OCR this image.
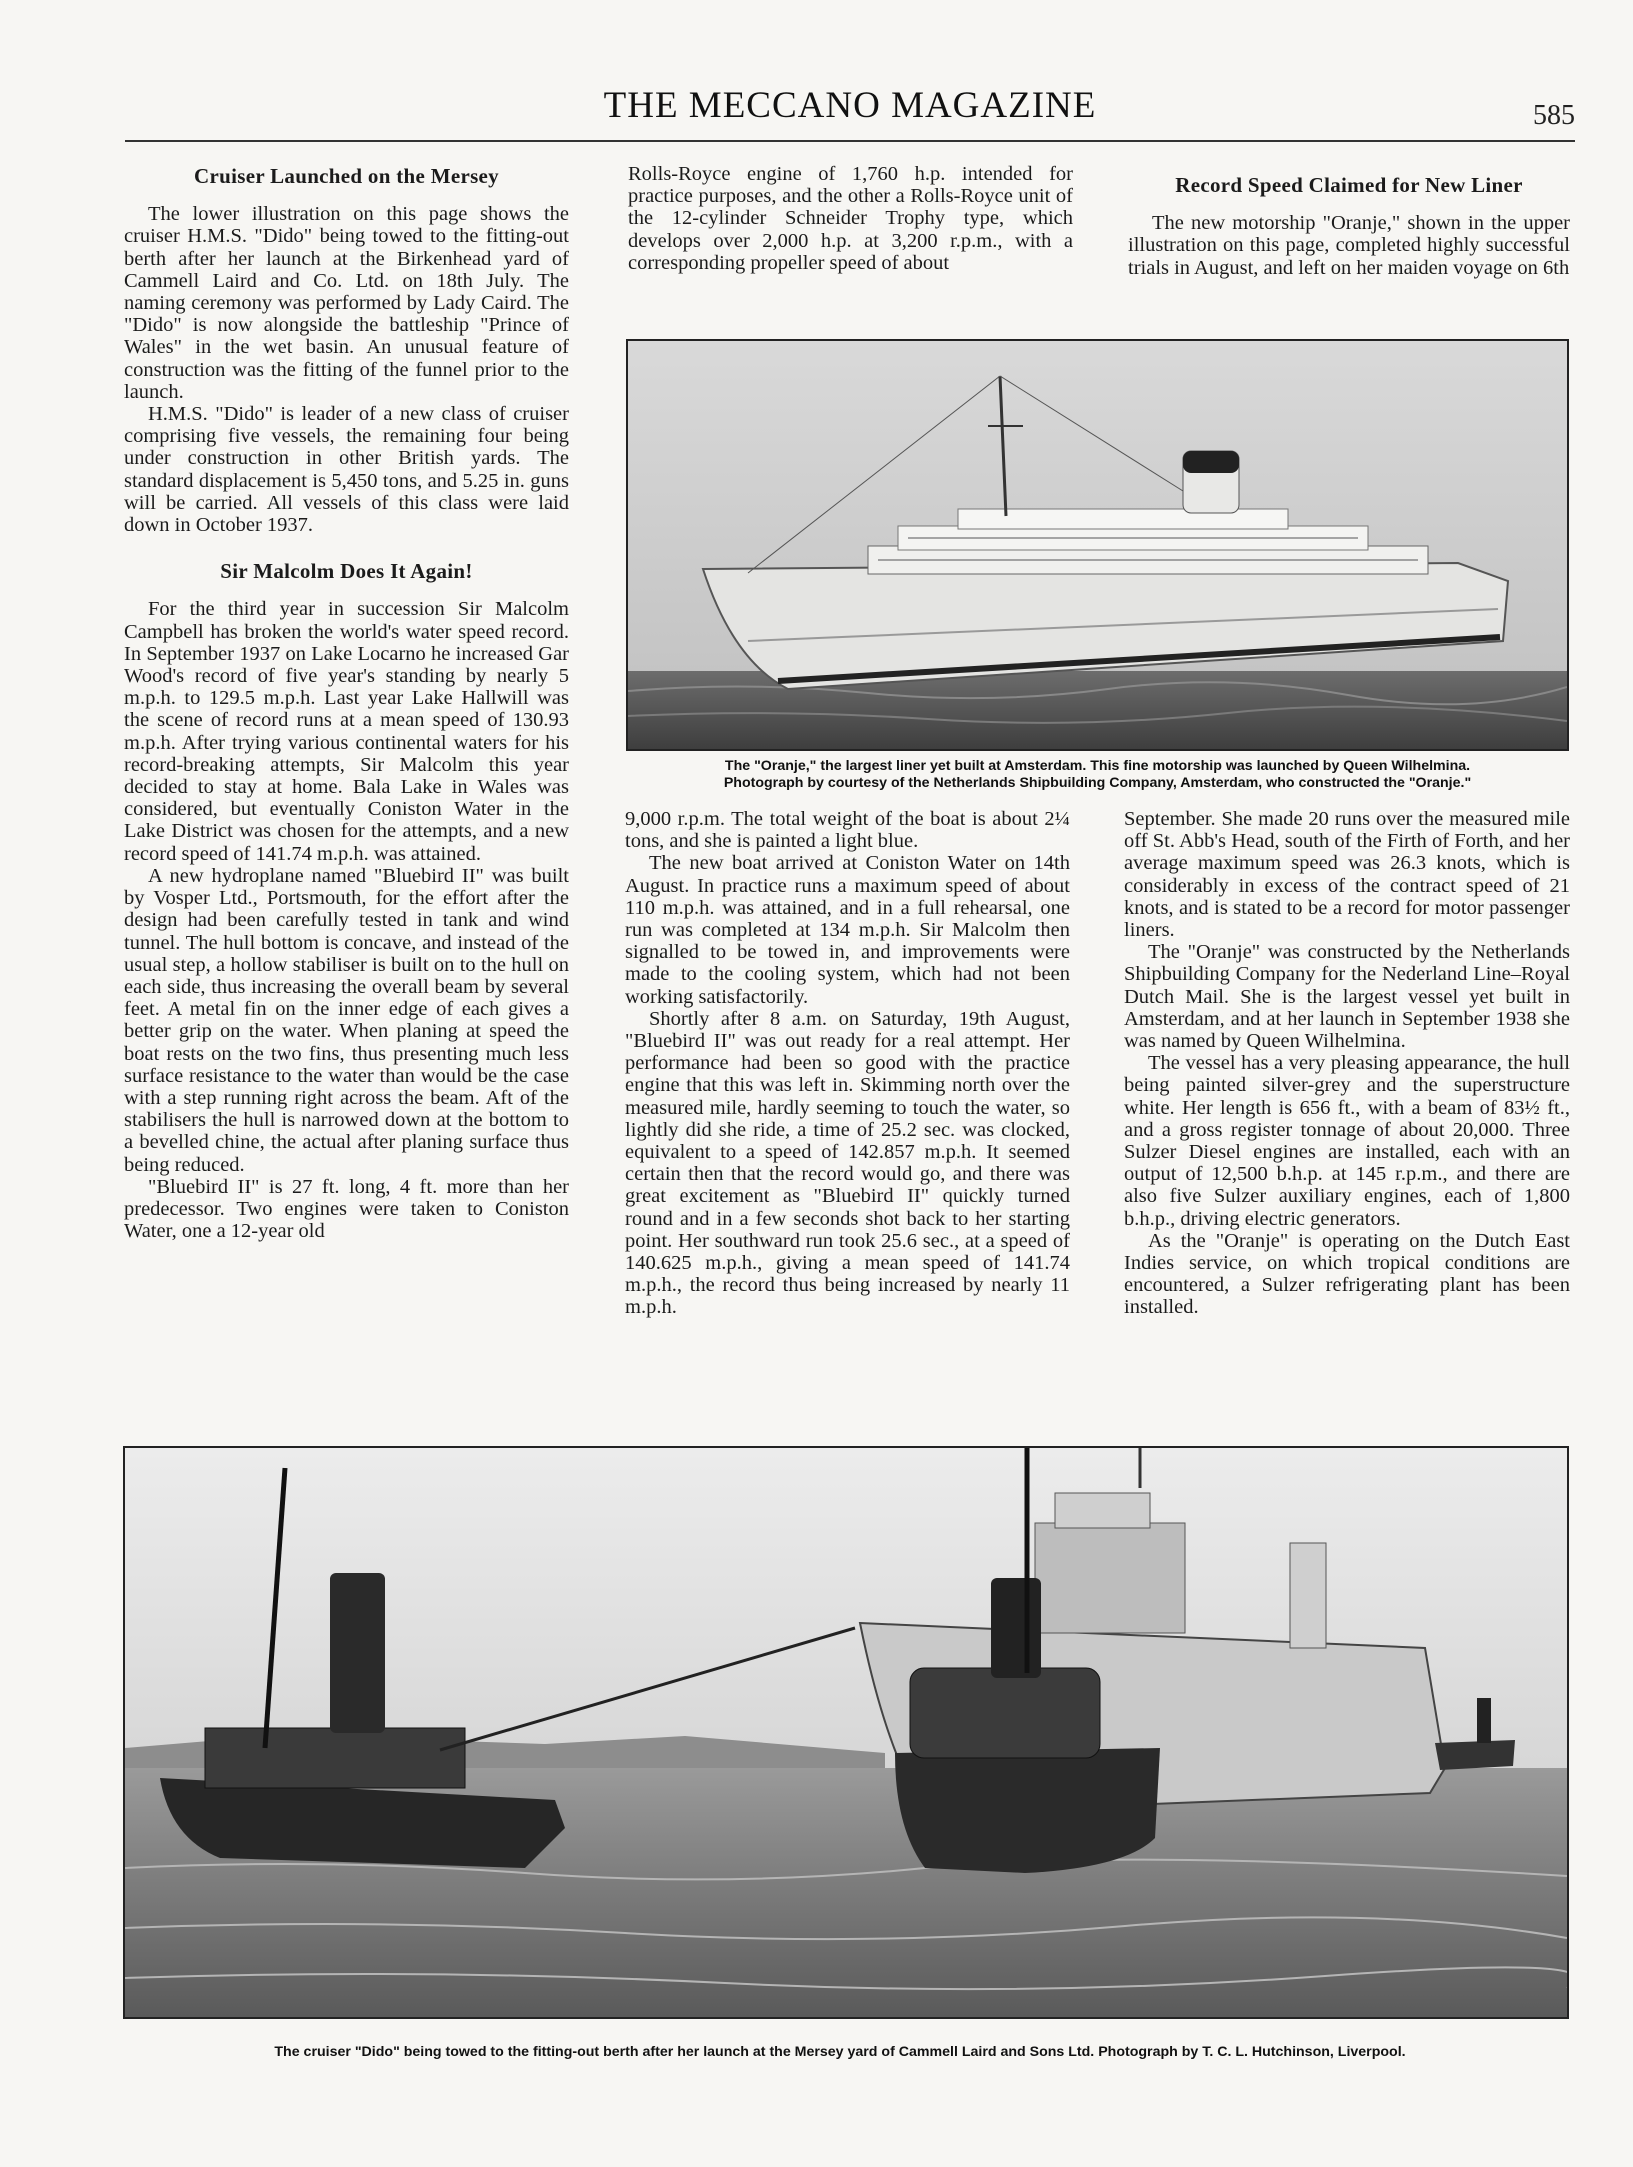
THE MECCANO MAGAZINE	585
Cruiser Launched on the Mersey

The lower illustration on this page shows the cruiser H.M.S. "Dido" being towed to the fitting-out berth after her launch at the Birkenhead yard of Cammell Laird and Co. Ltd. on 18th July. The naming ceremony was performed by Lady Caird. The "Dido" is now alongside the battleship "Prince of Wales" in the wet basin. An unusual feature of construction was the fitting of the funnel prior to the launch.

H.M.S. "Dido" is leader of a new class of cruiser comprising five vessels, the remaining four being under construction in other British yards. The standard displacement is 5,450 tons, and 5.25 in. guns will be carried. All vessels of this class were laid down in October 1937.

Sir Malcolm Does It Again!

For the third year in succession Sir Malcolm Campbell has broken the world's water speed record. In September 1937 on Lake Locarno he increased Gar Wood's record of five year's standing by nearly 5 m.p.h. to 129.5 m.p.h. Last year Lake Hallwill was the scene of record runs at a mean speed of 130.93 m.p.h. After trying various continental waters for his record-breaking attempts, Sir Malcolm this year decided to stay at home. Bala Lake in Wales was considered, but eventually Coniston Water in the Lake District was chosen for the attempts, and a new record speed of 141.74 m.p.h. was attained.

A new hydroplane named "Bluebird II" was built by Vosper Ltd., Portsmouth, for the effort after the design had been carefully tested in tank and wind tunnel. The hull bottom is concave, and instead of the usual step, a hollow stabiliser is built on to the hull on each side, thus increasing the overall beam by several feet. A metal fin on the inner edge of each gives a better grip on the water. When planing at speed the boat rests on the two fins, thus presenting much less surface resistance to the water than would be the case with a step running right across the beam. Aft of the stabilisers the hull is narrowed down at the bottom to a bevelled chine, the actual after planing surface thus being reduced.

"Bluebird II" is 27 ft. long, 4 ft. more than her predecessor. Two engines were taken to Coniston Water, one a 12-year old

Rolls-Royce engine of 1,760 h.p. intended for practice purposes, and the other a Rolls-Royce unit of the 12-cylinder Schneider Trophy type, which develops over 2,000 h.p. at 3,200 r.p.m., with a corresponding propeller speed of about

Record Speed Claimed for New Liner

The new motorship "Oranje," shown in the upper illustration on this page, completed highly successful trials in August, and left on her maiden voyage on 6th

The "Oranje," the largest liner yet built at Amsterdam. This fine motorship was launched by Queen Wilhelmina.
Photograph by courtesy of the Netherlands Shipbuilding Company, Amsterdam, who constructed the "Oranje."

9,000 r.p.m. The total weight of the boat is about 2¼ tons, and she is painted a light blue.

The new boat arrived at Coniston Water on 14th August. In practice runs a maximum speed of about 110 m.p.h. was attained, and in a full rehearsal, one run was completed at 134 m.p.h. Sir Malcolm then signalled to be towed in, and improvements were made to the cooling system, which had not been working satisfactorily.

Shortly after 8 a.m. on Saturday, 19th August, "Bluebird II" was out ready for a real attempt. Her performance had been so good with the practice engine that this was left in. Skimming north over the measured mile, hardly seeming to touch the water, so lightly did she ride, a time of 25.2 sec. was clocked, equivalent to a speed of 142.857 m.p.h. It seemed certain then that the record would go, and there was great excitement as "Bluebird II" quickly turned round and in a few seconds shot back to her starting point. Her southward run took 25.6 sec., at a speed of 140.625 m.p.h., giving a mean speed of 141.74 m.p.h., the record thus being increased by nearly 11 m.p.h.

September. She made 20 runs over the measured mile off St. Abb's Head, south of the Firth of Forth, and her average maximum speed was 26.3 knots, which is considerably in excess of the contract speed of 21 knots, and is stated to be a record for motor passenger liners.

The "Oranje" was constructed by the Netherlands Shipbuilding Company for the Nederland Line–Royal Dutch Mail. She is the largest vessel yet built in Amsterdam, and at her launch in September 1938 she was named by Queen Wilhelmina.

The vessel has a very pleasing appearance, the hull being painted silver-grey and the superstructure white. Her length is 656 ft., with a beam of 83½ ft., and a gross register tonnage of about 20,000. Three Sulzer Diesel engines are installed, each with an output of 12,500 b.h.p. at 145 r.p.m., and there are also five Sulzer auxiliary engines, each of 1,800 b.h.p., driving electric generators.

As the "Oranje" is operating on the Dutch East Indies service, on which tropical conditions are encountered, a Sulzer refrigerating plant has been installed.

The cruiser "Dido" being towed to the fitting-out berth after her launch at the Mersey yard of Cammell Laird and Sons Ltd. Photograph by T. C. L. Hutchinson, Liverpool.
